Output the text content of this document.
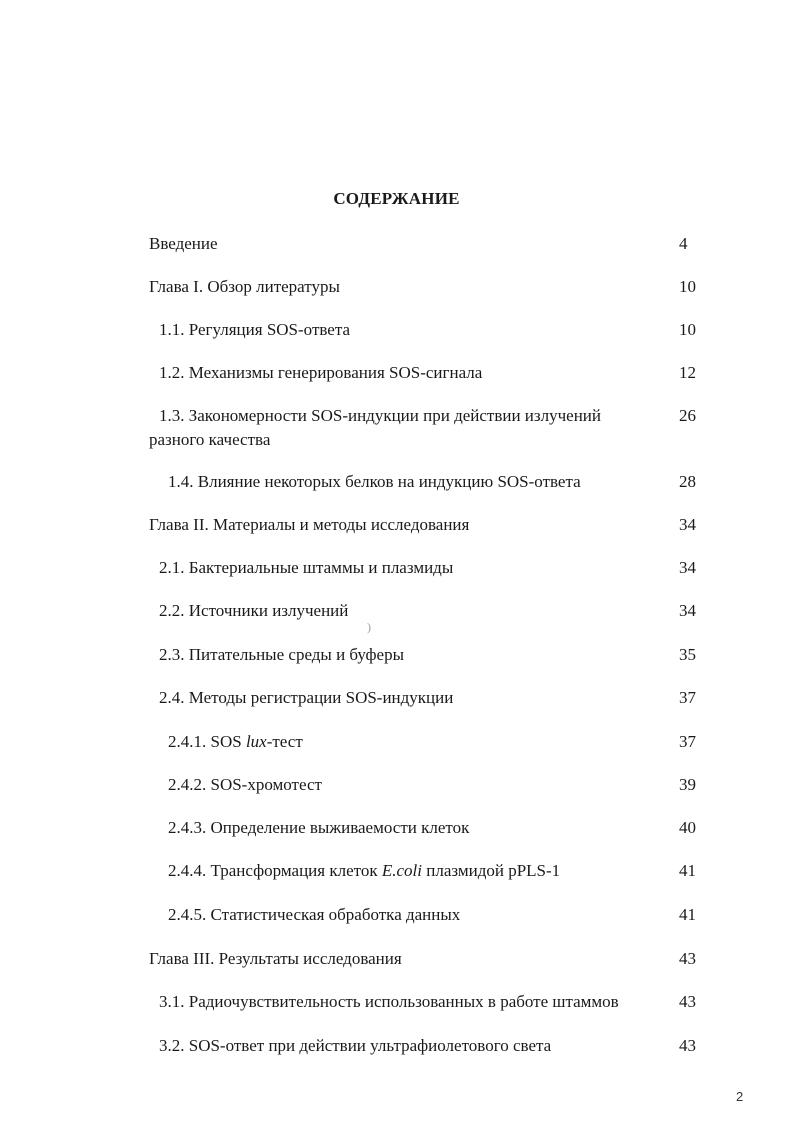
СОДЕРЖАНИЕ
Введение	4
Глава I. Обзор литературы	10
1.1. Регуляция SOS-ответа	10
1.2. Механизмы генерирования SOS-сигнала	12
1.3. Закономерности SOS-индукции при действии излучений	26
разного качества
1.4. Влияние некоторых белков на индукцию SOS-ответа	28
Глава II. Материалы и методы исследования	34
2.1. Бактериальные штаммы и плазмиды	34
2.2. Источники излучений	34
2.3. Питательные среды и буферы	35
2.4. Методы регистрации SOS-индукции	37
2.4.1. SOS lux-тест	37
2.4.2. SOS-хромотест	39
2.4.3. Определение выживаемости клеток	40
2.4.4. Трансформация клеток E.coli плазмидой pPLS-1	41
2.4.5. Статистическая обработка данных	41
Глава III. Результаты исследования	43
3.1. Радиочувствительность использованных в работе штаммов	43
3.2. SOS-ответ при действии ультрафиолетового света	43
)
2
